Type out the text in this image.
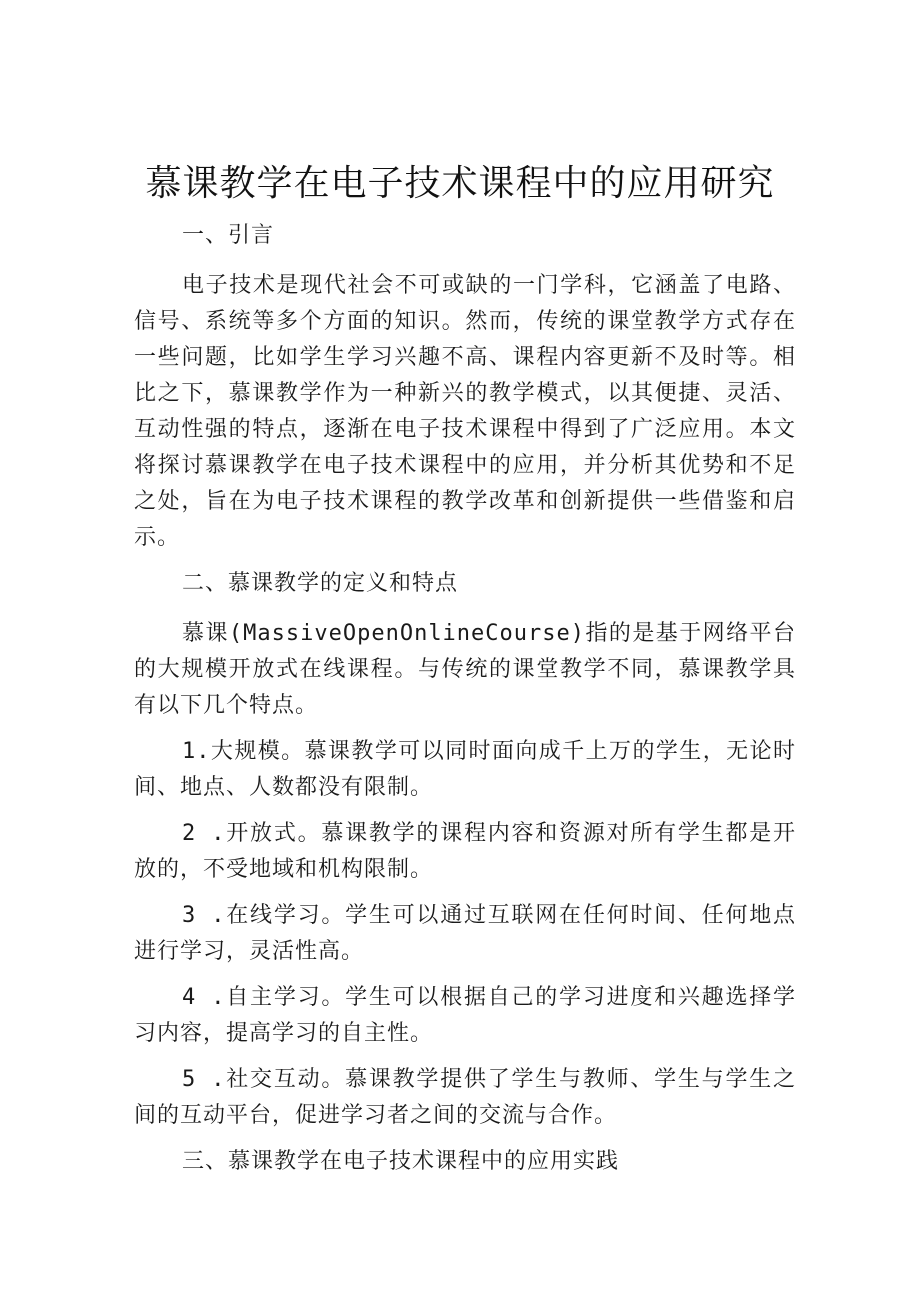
慕课教学在电子技术课程中的应用研究

一、引言

电子技术是现代社会不可或缺的一门学科，它涵盖了电路、信号、系统等多个方面的知识。然而，传统的课堂教学方式存在一些问题，比如学生学习兴趣不高、课程内容更新不及时等。相比之下，慕课教学作为一种新兴的教学模式，以其便捷、灵活、互动性强的特点，逐渐在电子技术课程中得到了广泛应用。本文将探讨慕课教学在电子技术课程中的应用，并分析其优势和不足之处，旨在为电子技术课程的教学改革和创新提供一些借鉴和启示。

二、慕课教学的定义和特点

慕课(MassiveOpenOnlineCourse)指的是基于网络平台的大规模开放式在线课程。与传统的课堂教学不同，慕课教学具有以下几个特点。

1.大规模。慕课教学可以同时面向成千上万的学生，无论时间、地点、人数都没有限制。

2 .开放式。慕课教学的课程内容和资源对所有学生都是开放的，不受地域和机构限制。

3 .在线学习。学生可以通过互联网在任何时间、任何地点进行学习，灵活性高。

4 .自主学习。学生可以根据自己的学习进度和兴趣选择学习内容，提高学习的自主性。

5 .社交互动。慕课教学提供了学生与教师、学生与学生之间的互动平台，促进学习者之间的交流与合作。

三、慕课教学在电子技术课程中的应用实践
